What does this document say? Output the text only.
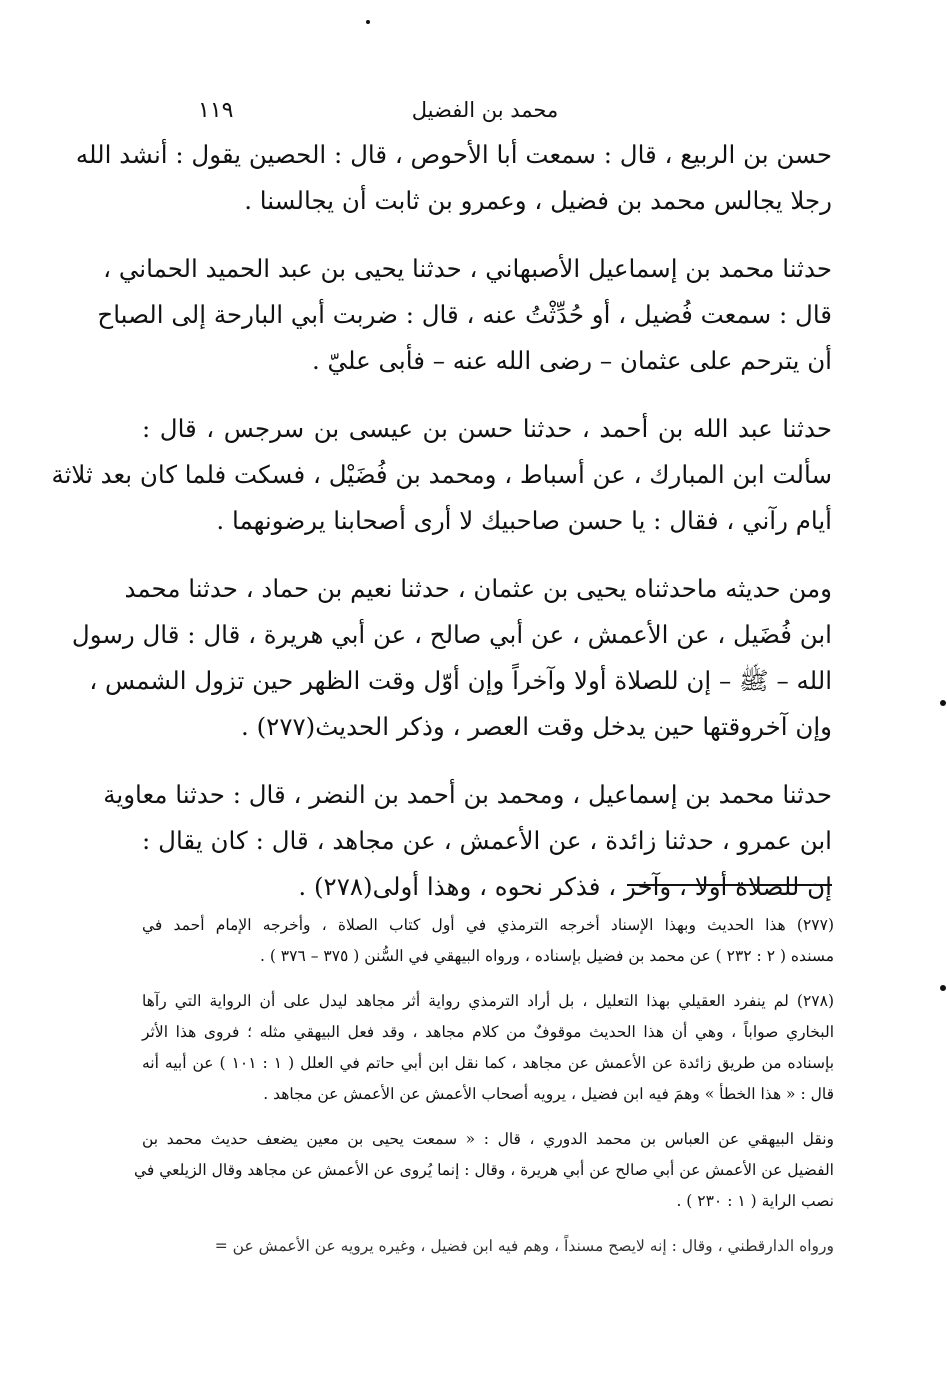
محمد بن الفضيل
١١٩

حسن بن الربيع ، قال : سمعت أبا الأحوص ، قال : الحصين يقول : أنشد الله
رجلا يجالس محمد بن فضيل ، وعمرو بن ثابت أن يجالسنا .

حدثنا محمد بن إسماعيل الأصبهاني ، حدثنا يحيى بن عبد الحميد الحماني ،
قال : سمعت فُضيل ، أو حُدِّثْتُ عنه ، قال : ضربت أبي البارحة إلى الصباح
أن يترحم على عثمان – رضى الله عنه – فأبى عليّ .

حدثنا عبد الله بن أحمد ، حدثنا حسن بن عيسى بن سرجس ، قال :
سألت ابن المبارك ، عن أسباط ، ومحمد بن فُضَيْل ، فسكت فلما كان بعد ثلاثة
أيام رآني ، فقال : يا حسن صاحبيك لا أرى أصحابنا يرضونهما .

ومن حديثه ماحدثناه يحيى بن عثمان ، حدثنا نعيم بن حماد ، حدثنا محمد
ابن فُضَيل ، عن الأعمش ، عن أبي صالح ، عن أبي هريرة ، قال : قال رسول
الله – ﷺ – إن للصلاة أولا وآخراً وإن أوّل وقت الظهر حين تزول الشمس ،
وإن آخروقتها حين يدخل وقت العصر ، وذكر الحديث(٢٧٧) .

حدثنا محمد بن إسماعيل ، ومحمد بن أحمد بن النضر ، قال : حدثنا معاوية
ابن عمرو ، حدثنا زائدة ، عن الأعمش ، عن مجاهد ، قال : كان يقال :
إن للصلاة أولا ، وآخر ، فذكر نحوه ، وهذا أولى(٢٧٨) .

(٢٧٧) هذا الحديث وبهذا الإسناد أخرجه الترمذي في أول كتاب الصلاة ، وأخرجه الإمام أحمد في
مسنده ( ٢ : ٢٣٢ ) عن محمد بن فضيل بإسناده ، ورواه البيهقي في السُّنن ( ٣٧٥ – ٣٧٦ ) .

(٢٧٨) لم ينفرد العقيلي بهذا التعليل ، بل أراد الترمذي رواية أثر مجاهد ليدل على أن الرواية التي رآها
البخاري صواباً ، وهي أن هذا الحديث موقوفٌ من كلام مجاهد ، وقد فعل البيهقي مثله ؛ فروى هذا الأثر
بإسناده من طريق زائدة عن الأعمش عن مجاهد ، كما نقل ابن أبي حاتم في العلل ( ١ : ١٠١ ) عن أبيه أنه
قال : « هذا الخطأ » وهمَ فيه ابن فضيل ، يرويه أصحاب الأعمش عن الأعمش عن مجاهد .

ونقل البيهقي عن العباس بن محمد الدوري ، قال : « سمعت يحيى بن معين يضعف حديث محمد بن
الفضيل عن الأعمش عن أبي صالح عن أبي هريرة ، وقال : إنما يُروى عن الأعمش عن مجاهد وقال الزيلعي في
نصب الراية ( ١ : ٢٣٠ ) .

ورواه الدارقطني ، وقال : إنه لايصح مسنداً ، وهم فيه ابن فضيل ، وغيره يرويه عن الأعمش عن =
